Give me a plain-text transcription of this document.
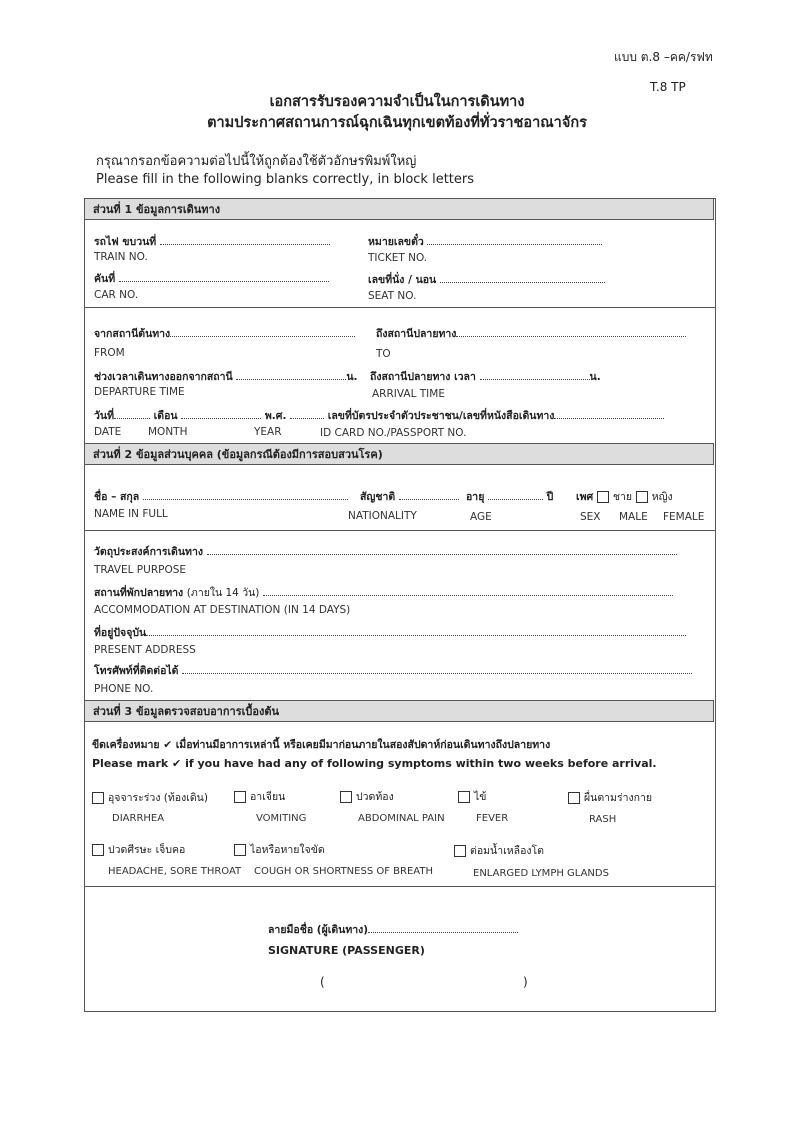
แบบ ต.8 –คค/รฟท
T.8 TP
เอกสารรับรองความจำเป็นในการเดินทาง
ตามประกาศสถานการณ์ฉุกเฉินทุกเขตท้องที่ทั่วราชอาณาจักร
กรุณากรอกข้อความต่อไปนี้ให้ถูกต้องใช้ตัวอักษรพิมพ์ใหญ่
Please fill in the following blanks correctly, in block letters
ส่วนที่ 1 ข้อมูลการเดินทาง
รถไฟ ขบวนที่
TRAIN NO.
หมายเลขตั๋ว
TICKET NO.
คันที่
CAR NO.
เลขที่นั่ง / นอน
SEAT NO.
จากสถานีต้นทาง
FROM
ถึงสถานีปลายทาง
TO
ช่วงเวลาเดินทางออกจากสถานี	น.
DEPARTURE TIME
ถึงสถานีปลายทาง เวลา	น.
ARRIVAL TIME
วันที่	เดือน	พ.ศ.	เลขที่บัตรประจำตัวประชาชน/เลขที่หนังสือเดินทาง
DATE	MONTH	YEAR	ID CARD NO./PASSPORT NO.
ส่วนที่ 2 ข้อมูลส่วนบุคคล (ข้อมูลกรณีต้องมีการสอบสวนโรค)
ชื่อ – สกุล
NAME IN FULL
สัญชาติ
NATIONALITY
อายุ	ปี
AGE
เพศ ชาย หญิง
SEX MALE FEMALE
วัตถุประสงค์การเดินทาง
TRAVEL PURPOSE
สถานที่พักปลายทาง (ภายใน 14 วัน)
ACCOMMODATION AT DESTINATION (IN 14 DAYS)
ที่อยู่ปัจจุบัน
PRESENT ADDRESS
โทรศัพท์ที่ติดต่อได้
PHONE NO.
ส่วนที่ 3 ข้อมูลตรวจสอบอาการเบื้องต้น
ขีดเครื่องหมาย ✔ เมื่อท่านมีอาการเหล่านี้ หรือเคยมีมาก่อนภายในสองสัปดาห์ก่อนเดินทางถึงปลายทาง
Please mark ✔ if you have had any of following symptoms within two weeks before arrival.
อุจจาระร่วง (ท้องเดิน)
DIARRHEA
อาเจียน
VOMITING
ปวดท้อง
ABDOMINAL PAIN
ไข้
FEVER
ผื่นตามร่างกาย
RASH
ปวดศีรษะ เจ็บคอ
HEADACHE, SORE THROAT
ไอหรือหายใจขัด
COUGH OR SHORTNESS OF BREATH
ต่อมน้ำเหลืองโต
ENLARGED LYMPH GLANDS
ลายมือชื่อ (ผู้เดินทาง)
SIGNATURE (PASSENGER)
(	)
